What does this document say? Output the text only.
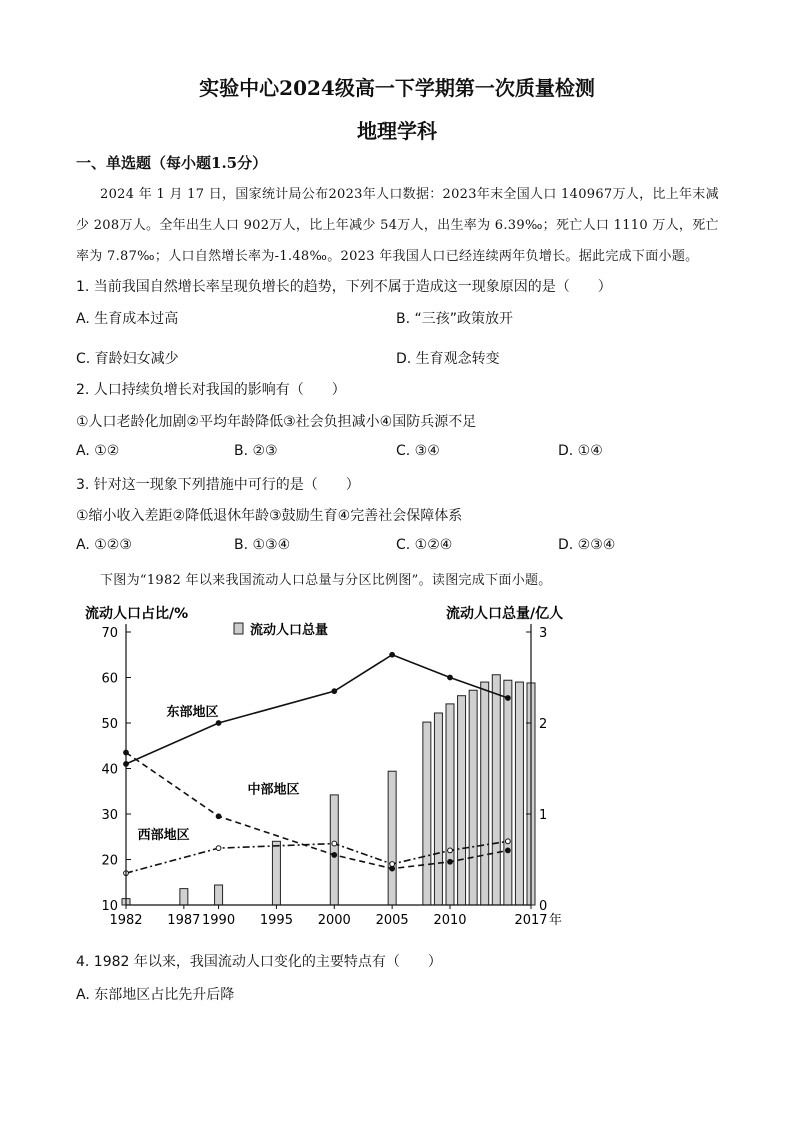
实验中心2024级高一下学期第一次质量检测
地理学科
一、单选题（每小题1.5分）
2024 年 1 月 17 日，国家统计局公布2023年人口数据：2023年末全国人口 140967万人，比上年末减
少 208万人。全年出生人口 902万人，比上年减少 54万人，出生率为 6.39‰；死亡人口 1110 万人，死亡
率为 7.87‰；人口自然增长率为-1.48‰。2023 年我国人口已经连续两年负增长。据此完成下面小题。
1. 当前我国自然增长率呈现负增长的趋势，下列不属于造成这一现象原因的是（　　）
A. 生育成本过高	B. “三孩”政策放开
C. 育龄妇女减少	D. 生育观念转变
2. 人口持续负增长对我国的影响有（　　）
①人口老龄化加剧②平均年龄降低③社会负担减小④国防兵源不足
A. ①②	B. ②③	C. ③④	D. ①④
3. 针对这一现象下列措施中可行的是（　　）
①缩小收入差距②降低退休年龄③鼓励生育④完善社会保障体系
A. ①②③	B. ①③④	C. ①②④	D. ②③④
下图为“1982 年以来我国流动人口总量与分区比例图”。读图完成下面小题。
流动人口占比/%	流动人口总量/亿人
流动人口总量
10
20
30
40
50
60
70
0
1
2
3
1982 1987 1990 1995 2000 2005 2010	2017 年
东部地区
中部地区
西部地区
4. 1982 年以来，我国流动人口变化的主要特点有（　　）
A. 东部地区占比先升后降
